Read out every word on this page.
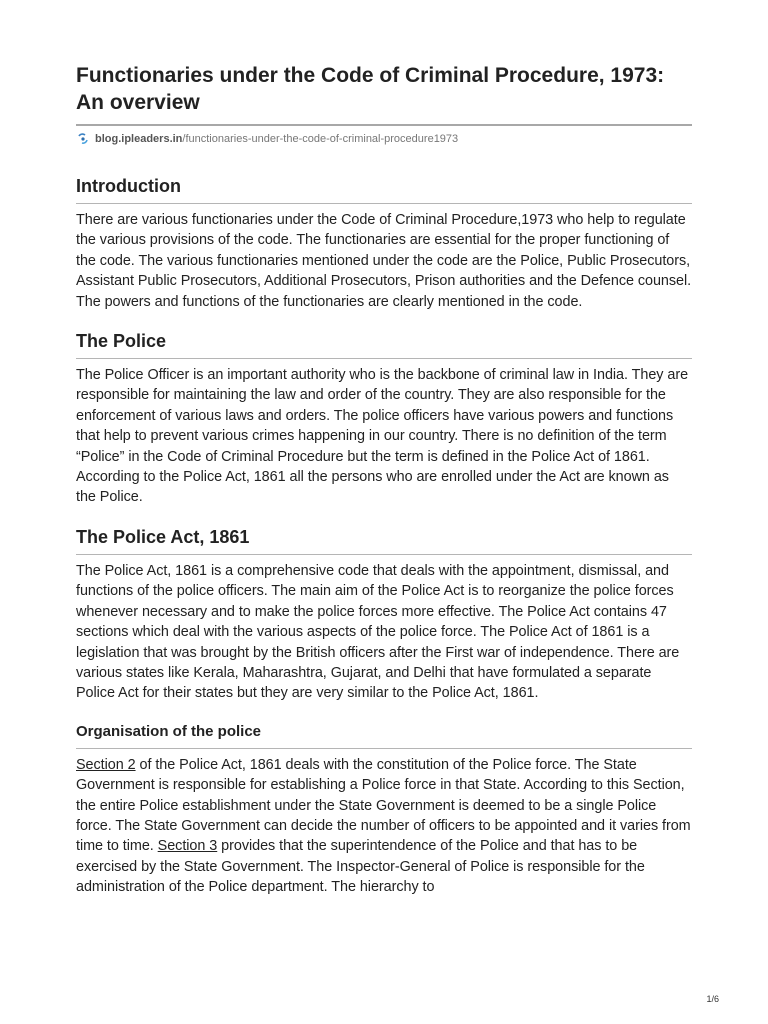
Functionaries under the Code of Criminal Procedure, 1973: An overview
blog.ipleaders.in /functionaries-under-the-code-of-criminal-procedure1973
Introduction

There are various functionaries under the Code of Criminal Procedure,1973 who help to regulate the various provisions of the code. The functionaries are essential for the proper functioning of the code. The various functionaries mentioned under the code are the Police, Public Prosecutors, Assistant Public Prosecutors, Additional Prosecutors, Prison authorities and the Defence counsel. The powers and functions of the functionaries are clearly mentioned in the code.

The Police

The Police Officer is an important authority who is the backbone of criminal law in India. They are responsible for maintaining the law and order of the country. They are also responsible for the enforcement of various laws and orders. The police officers have various powers and functions that help to prevent various crimes happening in our country. There is no definition of the term “Police” in the Code of Criminal Procedure but the term is defined in the Police Act of 1861. According to the Police Act, 1861 all the persons who are enrolled under the Act are known as the Police.

The Police Act, 1861

The Police Act, 1861 is a comprehensive code that deals with the appointment, dismissal, and functions of the police officers. The main aim of the Police Act is to reorganize the police forces whenever necessary and to make the police forces more effective. The Police Act contains 47 sections which deal with the various aspects of the police force. The Police Act of 1861 is a legislation that was brought by the British officers after the First war of independence. There are various states like Kerala, Maharashtra, Gujarat, and Delhi that have formulated a separate Police Act for their states but they are very similar to the Police Act, 1861.

Organisation of the police

Section 2 of the Police Act, 1861 deals with the constitution of the Police force. The State Government is responsible for establishing a Police force in that State. According to this Section, the entire Police establishment under the State Government is deemed to be a single Police force. The State Government can decide the number of officers to be appointed and it varies from time to time. Section 3 provides that the superintendence of the Police and that has to be exercised by the State Government. The Inspector-General of Police is responsible for the administration of the Police department. The hierarchy to

1/6
